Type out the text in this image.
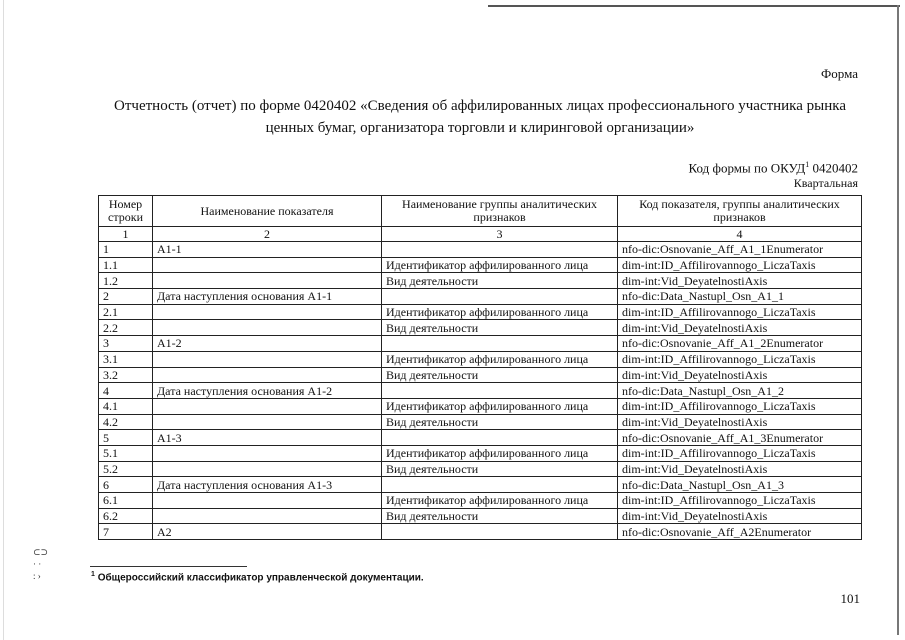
Форма
Отчетность (отчет) по форме 0420402 «Сведения об аффилированных лицах профессионального участника рынка
ценных бумаг, организатора торговли и клиринговой организации»
Код формы по ОКУД$^1$ 0420402
Квартальная
Номер строки	Наименование показателя	Наименование группы аналитических признаков	Код показателя, группы аналитических признаков
1	2	3	4
1	A1-1		nfo-dic:Osnovanie_Aff_A1_1Enumerator
1.1		Идентификатор аффилированного лица	dim-int:ID_Affilirovannogo_LiczaTaxis
1.2		Вид деятельности	dim-int:Vid_DeyatelnostiAxis
2	Дата наступления основания A1-1		nfo-dic:Data_Nastupl_Osn_A1_1
2.1		Идентификатор аффилированного лица	dim-int:ID_Affilirovannogo_LiczaTaxis
2.2		Вид деятельности	dim-int:Vid_DeyatelnostiAxis
3	A1-2		nfo-dic:Osnovanie_Aff_A1_2Enumerator
3.1		Идентификатор аффилированного лица	dim-int:ID_Affilirovannogo_LiczaTaxis
3.2		Вид деятельности	dim-int:Vid_DeyatelnostiAxis
4	Дата наступления основания A1-2		nfo-dic:Data_Nastupl_Osn_A1_2
4.1		Идентификатор аффилированного лица	dim-int:ID_Affilirovannogo_LiczaTaxis
4.2		Вид деятельности	dim-int:Vid_DeyatelnostiAxis
5	A1-3		nfo-dic:Osnovanie_Aff_A1_3Enumerator
5.1		Идентификатор аффилированного лица	dim-int:ID_Affilirovannogo_LiczaTaxis
5.2		Вид деятельности	dim-int:Vid_DeyatelnostiAxis
6	Дата наступления основания A1-3		nfo-dic:Data_Nastupl_Osn_A1_3
6.1		Идентификатор аффилированного лица	dim-int:ID_Affilirovannogo_LiczaTaxis
6.2		Вид деятельности	dim-int:Vid_DeyatelnostiAxis
7	A2		nfo-dic:Osnovanie_Aff_A2Enumerator
⊂⊃
· ·
: ›	$^1$ Общероссийский классификатор управленческой документации.
101
